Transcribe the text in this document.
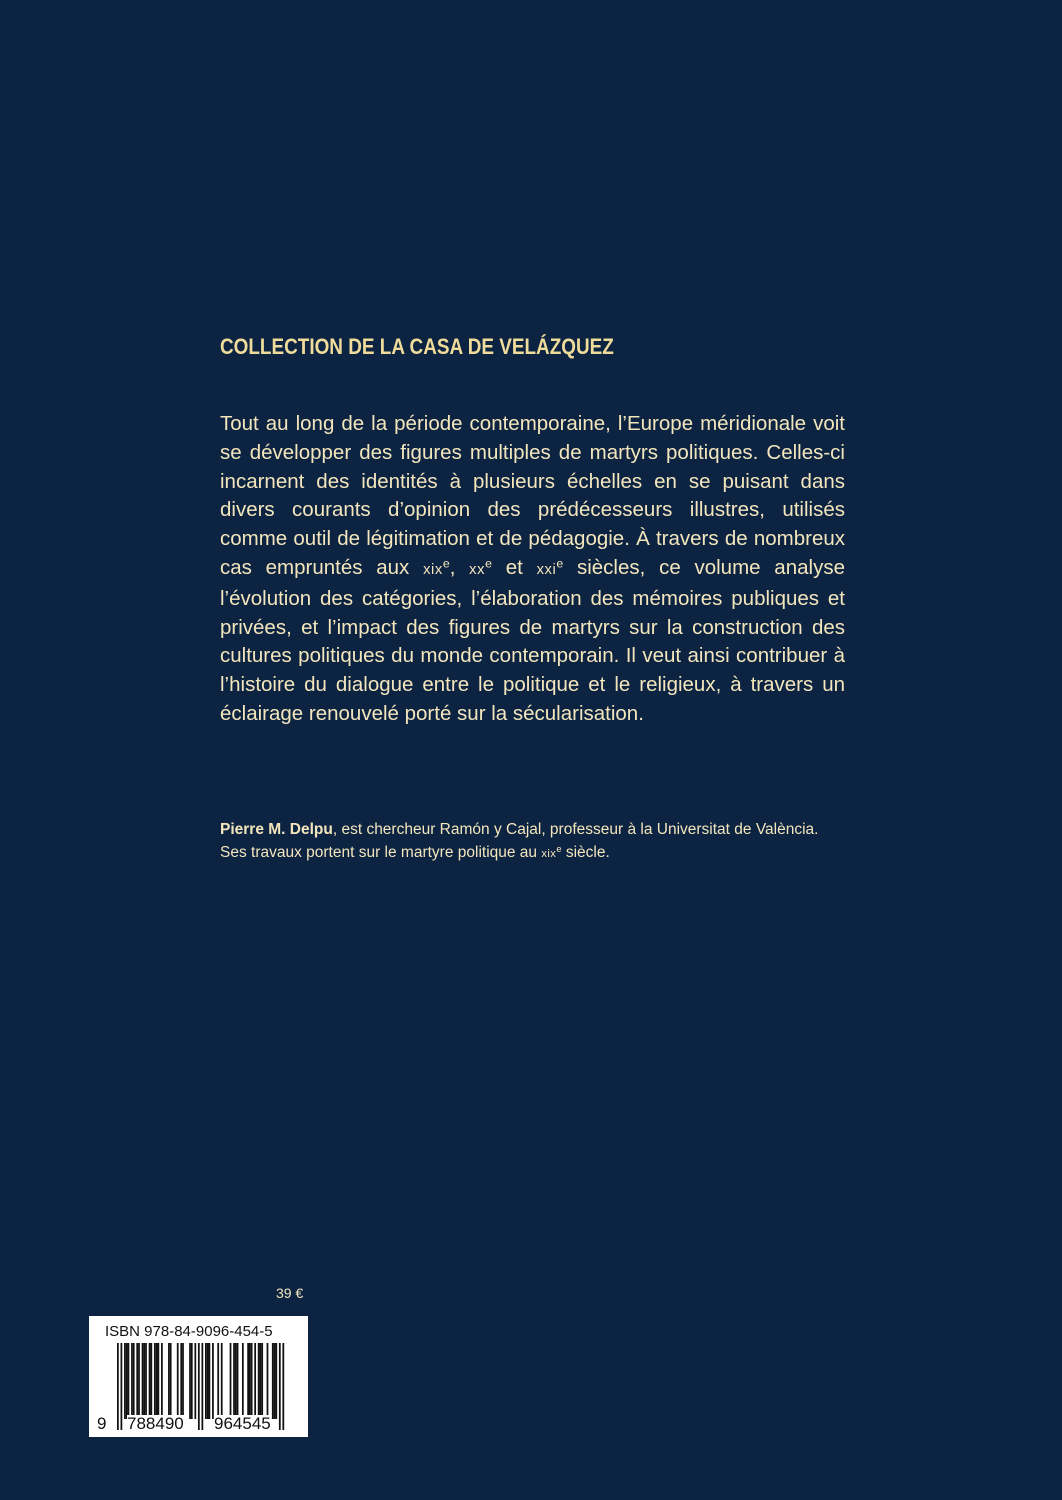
COLLECTION DE LA CASA DE VELÁZQUEZ

Tout au long de la période contemporaine, l’Europe méridionale voit se développer des figures multiples de martyrs politiques. Celles-ci incarnent des identités à plusieurs échelles en se puisant dans divers courants d’opinion des prédécesseurs illustres, utilisés comme outil de légitimation et de pédagogie. À travers de nombreux cas empruntés aux xix$^e$, $xx^e$ et xxi$^e$ siècles, ce volume analyse l’évolution des catégories, l’élaboration des mémoires publiques et privées, et l’impact des figures de martyrs sur la construction des cultures politiques du monde contemporain. Il veut ainsi contribuer à l’histoire du dialogue entre le politique et le religieux, à travers un éclairage renouvelé porté sur la sécularisation.

Pierre M. Delpu, est chercheur Ramón y Cajal, professeur à la Universitat de València. Ses travaux portent sur le martyre politique au xix$^e$ siècle.

39 €
ISBN 978-84-9096-454-5
9 788490 964545
